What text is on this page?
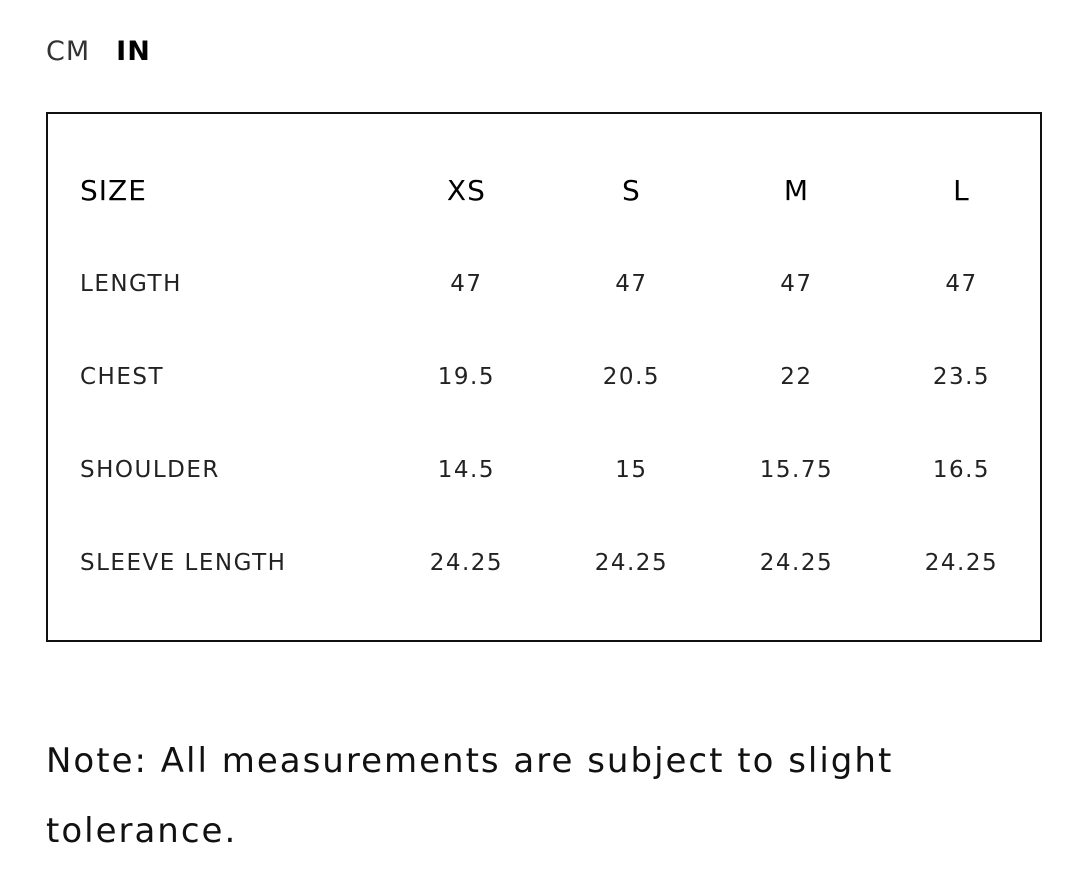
CM IN
SIZE	XS	S	M	L
LENGTH	47	47	47	47
CHEST	19.5	20.5	22	23.5
SHOULDER	14.5	15	15.75	16.5
SLEEVE LENGTH	24.25	24.25	24.25	24.25

Note: All measurements are subject to slight tolerance.
